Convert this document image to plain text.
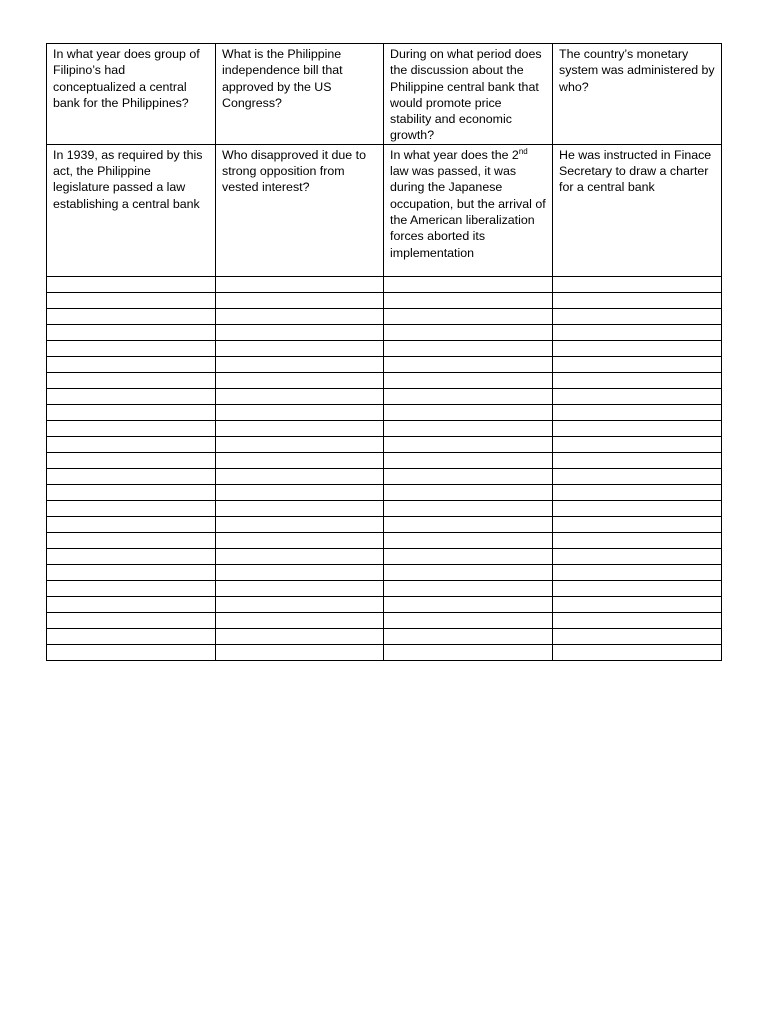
In what year does group of Filipino’s had conceptualized a central bank for the Philippines?	What is the Philippine independence bill that approved by the US Congress?	During on what period does the discussion about the Philippine central bank that would promote price stability and economic growth?	The country’s monetary system was administered by who?
In 1939, as required by this act, the Philippine legislature passed a law establishing a central bank	Who disapproved it due to strong opposition from vested interest?	In what year does the 2nd law was passed, it was during the Japanese occupation, but the arrival of the American liberalization forces aborted its implementation	He was instructed in Finace Secretary to draw a charter for a central bank
